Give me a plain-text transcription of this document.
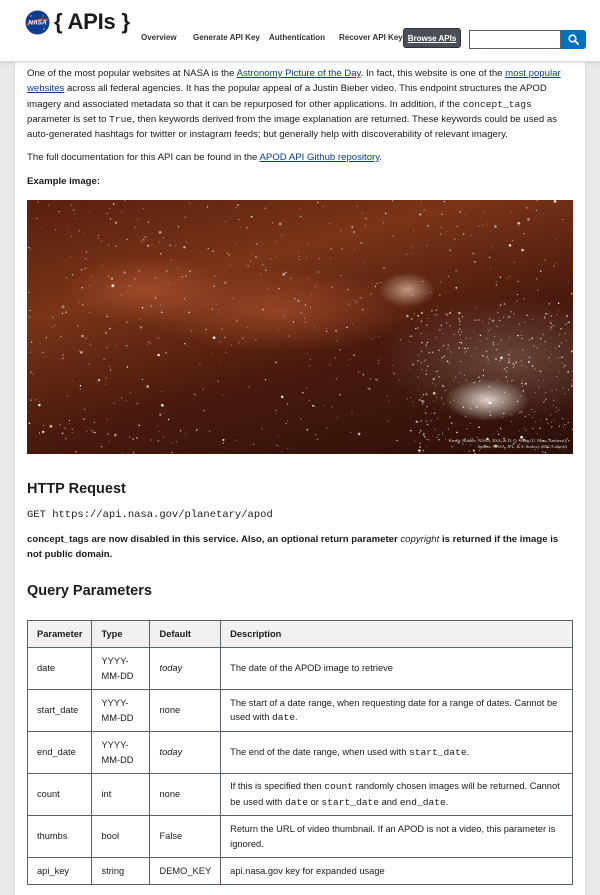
NASA { APIs }
Overview Generate API Key Authentication Recover API Key Browse APIs

One of the most popular websites at NASA is the Astronomy Picture of the Day. In fact, this website is one of the most popular
websites across all federal agencies. It has the popular appeal of a Justin Bieber video. This endpoint structures the APOD imagery and associated metadata so that it can be repurposed for other applications. In addition, if the concept_tags parameter is set to True, then keywords derived from the image explanation are returned. These keywords could be used as auto-generated hashtags for twitter or instagram feeds; but generally help with discoverability of relevant imagery.

The full documentation for this API can be found in the APOD API Github repository.

Example image:
Credit: Hubble: NASA, ESA, & D. Q. Wang (U. Mass, Amherst);
Spitzer: NASA, JPL, & S. Stolovy (SSC/Caltech)
HTTP Request
GET https://api.nasa.gov/planetary/apod

concept_tags are now disabled in this service. Also, an optional return parameter copyright is returned if the image is not public domain.

Query Parameters
Parameter	Type	Default	Description
date	YYYY-MM-DD	today	The date of the APOD image to retrieve
start_date	YYYY-MM-DD	none	The start of a date range, when requesting date for a range of dates. Cannot be used with date.
end_date	YYYY-MM-DD	today	The end of the date range, when used with start_date.
count	int	none	If this is specified then count randomly chosen images will be returned. Cannot be used with date or start_date and end_date.
thumbs	bool	False	Return the URL of video thumbnail. If an APOD is not a video, this parameter is ignored.
api_key	string	DEMO_KEY	api.nasa.gov key for expanded usage
